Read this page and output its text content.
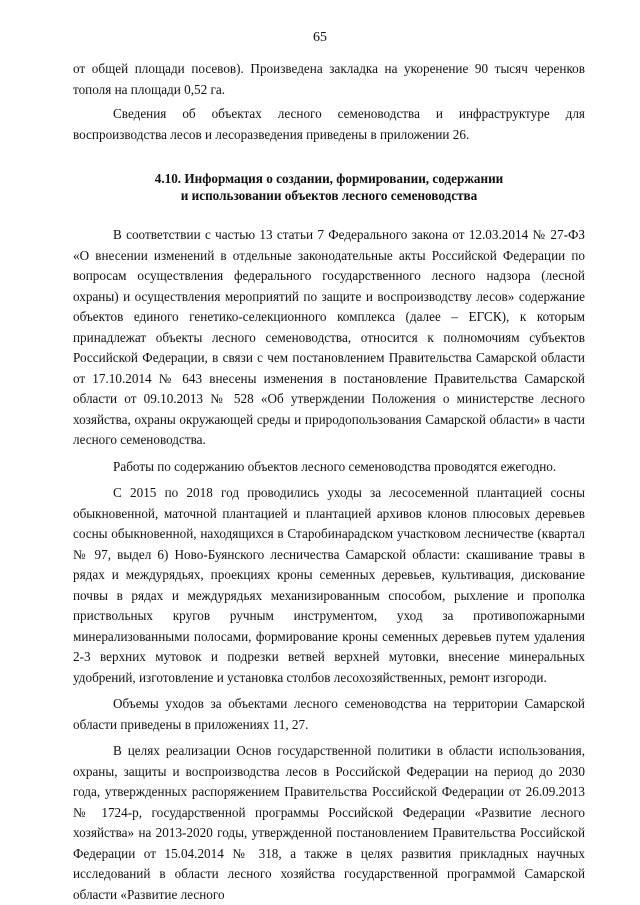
65

от общей площади посевов). Произведена закладка на укоренение 90 тысяч черенков тополя на площади 0,52 га.

Сведения об объектах лесного семеноводства и инфраструктуре для воспроизводства лесов и лесоразведения приведены в приложении 26.

4.10. Информация о создании, формировании, содержании
и использовании объектов лесного семеноводства

В соответствии с частью 13 статьи 7 Федерального закона от 12.03.2014 № 27-ФЗ «О внесении изменений в отдельные законодательные акты Российской Федерации по вопросам осуществления федерального государственного лесного надзора (лесной охраны) и осуществления мероприятий по защите и воспроизводству лесов» содержание объектов единого генетико-селекционного комплекса (далее – ЕГСК), к которым принадлежат объекты лесного семеноводства, относится к полномочиям субъектов Российской Федерации, в связи с чем постановлением Правительства Самарской области от 17.10.2014 № 643 внесены изменения в постановление Правительства Самарской области от 09.10.2013 № 528 «Об утверждении Положения о министерстве лесного хозяйства, охраны окружающей среды и природопользования Самарской области» в части лесного семеноводства.

Работы по содержанию объектов лесного семеноводства проводятся ежегодно.

С 2015 по 2018 год проводились уходы за лесосеменной плантацией сосны обыкновенной, маточной плантацией и плантацией архивов клонов плюсовых деревьев сосны обыкновенной, находящихся в Старобинарадском участковом лесничестве (квартал № 97, выдел 6) Ново-Буянского лесничества Самарской области: скашивание травы в рядах и междурядьях, проекциях кроны семенных деревьев, культивация, дискование почвы в рядах и междурядьях механизированным способом, рыхление и прополка приствольных кругов ручным инструментом, уход за противопожарными минерализованными полосами, формирование кроны семенных деревьев путем удаления 2-3 верхних мутовок и подрезки ветвей верхней мутовки, внесение минеральных удобрений, изготовление и установка столбов лесохозяйственных, ремонт изгороди.

Объемы уходов за объектами лесного семеноводства на территории Самарской области приведены в приложениях 11, 27.

В целях реализации Основ государственной политики в области использования, охраны, защиты и воспроизводства лесов в Российской Федерации на период до 2030 года, утвержденных распоряжением Правительства Российской Федерации от 26.09.2013 № 1724-р, государственной программы Российской Федерации «Развитие лесного хозяйства» на 2013-2020 годы, утвержденной постановлением Правительства Российской Федерации от 15.04.2014 № 318, а также в целях развития прикладных научных исследований в области лесного хозяйства государственной программой Самарской области «Развитие лесного
